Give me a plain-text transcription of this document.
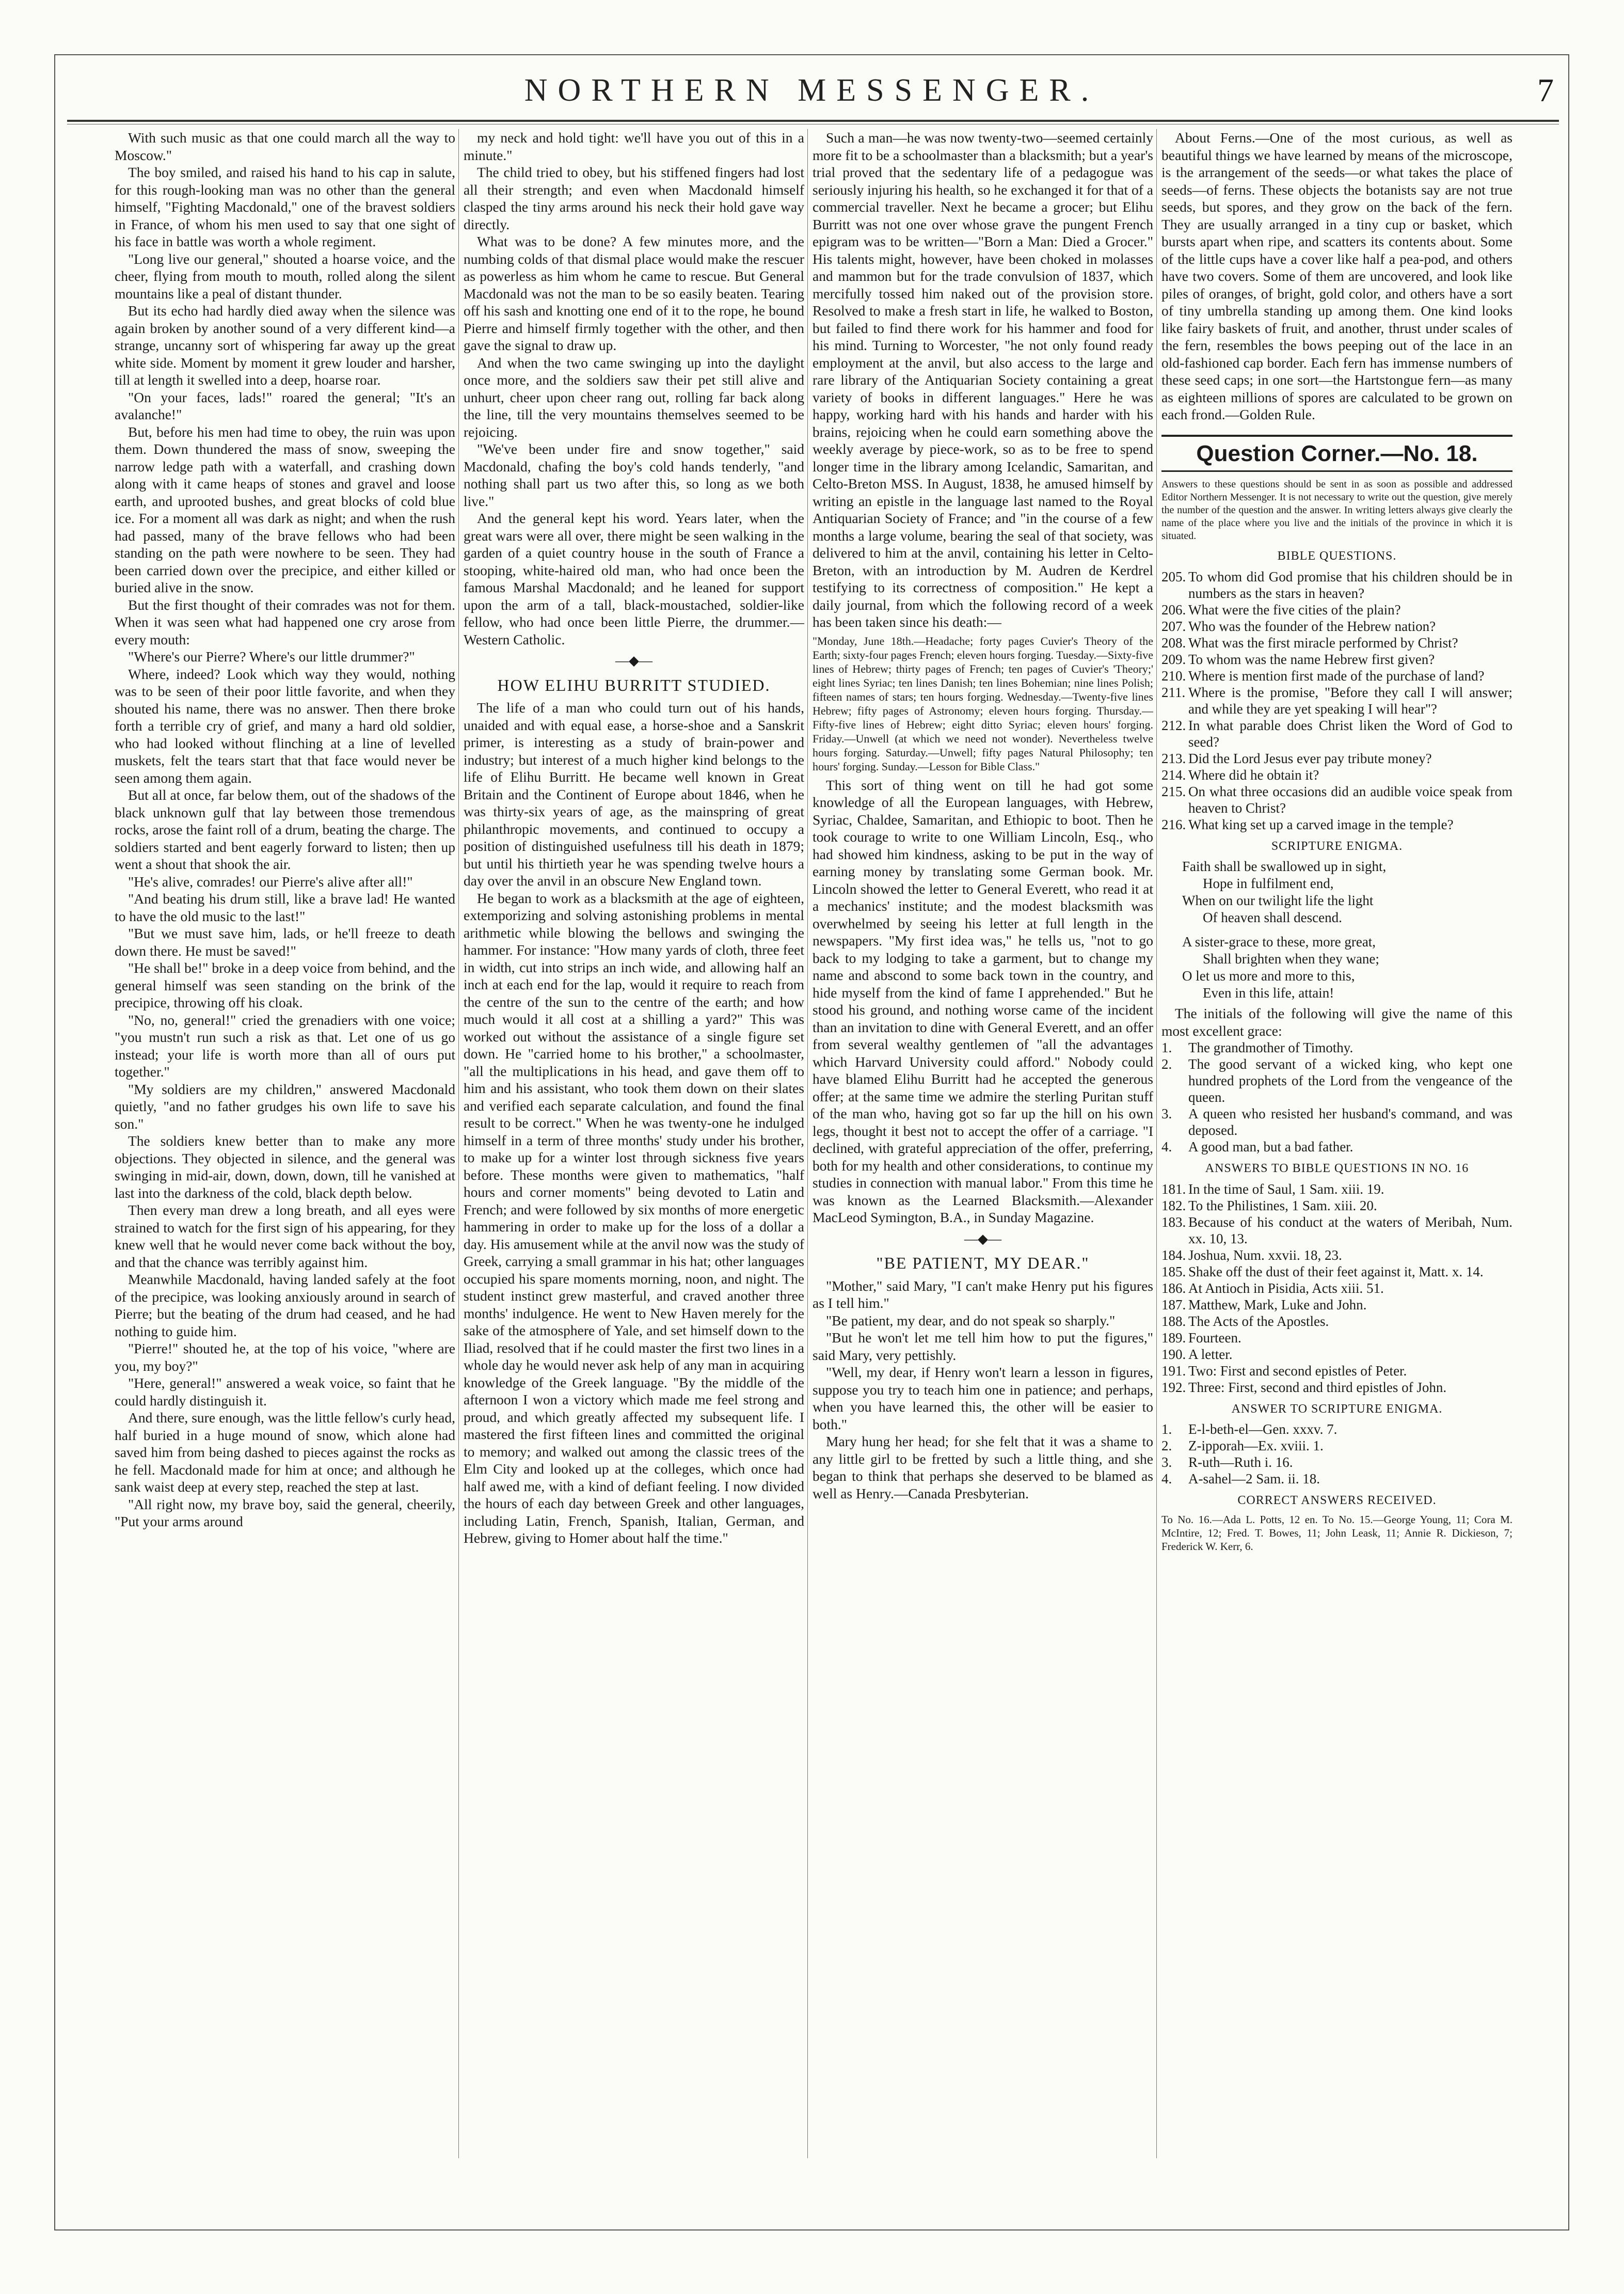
NORTHERN MESSENGER.	7

With such music as that one could march all the way to Moscow."

The boy smiled, and raised his hand to his cap in salute, for this rough-looking man was no other than the general himself, "Fighting Macdonald," one of the bravest soldiers in France, of whom his men used to say that one sight of his face in battle was worth a whole regiment.

"Long live our general," shouted a hoarse voice, and the cheer, flying from mouth to mouth, rolled along the silent mountains like a peal of distant thunder.

But its echo had hardly died away when the silence was again broken by another sound of a very different kind—a strange, uncanny sort of whispering far away up the great white side. Moment by moment it grew louder and harsher, till at length it swelled into a deep, hoarse roar.

"On your faces, lads!" roared the general; "It's an avalanche!"

But, before his men had time to obey, the ruin was upon them. Down thundered the mass of snow, sweeping the narrow ledge path with a waterfall, and crashing down along with it came heaps of stones and gravel and loose earth, and uprooted bushes, and great blocks of cold blue ice. For a moment all was dark as night; and when the rush had passed, many of the brave fellows who had been standing on the path were nowhere to be seen. They had been carried down over the precipice, and either killed or buried alive in the snow.

But the first thought of their comrades was not for them. When it was seen what had happened one cry arose from every mouth:

"Where's our Pierre? Where's our little drummer?"

Where, indeed? Look which way they would, nothing was to be seen of their poor little favorite, and when they shouted his name, there was no answer. Then there broke forth a terrible cry of grief, and many a hard old soldier, who had looked without flinching at a line of levelled muskets, felt the tears start that that face would never be seen among them again.

But all at once, far below them, out of the shadows of the black unknown gulf that lay between those tremendous rocks, arose the faint roll of a drum, beating the charge. The soldiers started and bent eagerly forward to listen; then up went a shout that shook the air.

"He's alive, comrades! our Pierre's alive after all!"

"And beating his drum still, like a brave lad! He wanted to have the old music to the last!"

"But we must save him, lads, or he'll freeze to death down there. He must be saved!"

"He shall be!" broke in a deep voice from behind, and the general himself was seen standing on the brink of the precipice, throwing off his cloak.

"No, no, general!" cried the grenadiers with one voice; "you mustn't run such a risk as that. Let one of us go instead; your life is worth more than all of ours put together."

"My soldiers are my children," answered Macdonald quietly, "and no father grudges his own life to save his son."

The soldiers knew better than to make any more objections. They objected in silence, and the general was swinging in mid-air, down, down, down, till he vanished at last into the darkness of the cold, black depth below.

Then every man drew a long breath, and all eyes were strained to watch for the first sign of his appearing, for they knew well that he would never come back without the boy, and that the chance was terribly against him.

Meanwhile Macdonald, having landed safely at the foot of the precipice, was looking anxiously around in search of Pierre; but the beating of the drum had ceased, and he had nothing to guide him.

"Pierre!" shouted he, at the top of his voice, "where are you, my boy?"

"Here, general!" answered a weak voice, so faint that he could hardly distinguish it.

And there, sure enough, was the little fellow's curly head, half buried in a huge mound of snow, which alone had saved him from being dashed to pieces against the rocks as he fell. Macdonald made for him at once; and although he sank waist deep at every step, reached the step at last.

"All right now, my brave boy, said the general, cheerily, "Put your arms around

my neck and hold tight: we'll have you out of this in a minute."

The child tried to obey, but his stiffened fingers had lost all their strength; and even when Macdonald himself clasped the tiny arms around his neck their hold gave way directly.

What was to be done? A few minutes more, and the numbing colds of that dismal place would make the rescuer as powerless as him whom he came to rescue. But General Macdonald was not the man to be so easily beaten. Tearing off his sash and knotting one end of it to the rope, he bound Pierre and himself firmly together with the other, and then gave the signal to draw up.

And when the two came swinging up into the daylight once more, and the soldiers saw their pet still alive and unhurt, cheer upon cheer rang out, rolling far back along the line, till the very mountains themselves seemed to be rejoicing.

"We've been under fire and snow together," said Macdonald, chafing the boy's cold hands tenderly, "and nothing shall part us two after this, so long as we both live."

And the general kept his word. Years later, when the great wars were all over, there might be seen walking in the garden of a quiet country house in the south of France a stooping, white-haired old man, who had once been the famous Marshal Macdonald; and he leaned for support upon the arm of a tall, black-moustached, soldier-like fellow, who had once been little Pierre, the drummer.—Western Catholic.

—◆—
HOW ELIHU BURRITT STUDIED.

The life of a man who could turn out of his hands, unaided and with equal ease, a horse-shoe and a Sanskrit primer, is interesting as a study of brain-power and industry; but interest of a much higher kind belongs to the life of Elihu Burritt. He became well known in Great Britain and the Continent of Europe about 1846, when he was thirty-six years of age, as the mainspring of great philanthropic movements, and continued to occupy a position of distinguished usefulness till his death in 1879; but until his thirtieth year he was spending twelve hours a day over the anvil in an obscure New England town.

He began to work as a blacksmith at the age of eighteen, extemporizing and solving astonishing problems in mental arithmetic while blowing the bellows and swinging the hammer. For instance: "How many yards of cloth, three feet in width, cut into strips an inch wide, and allowing half an inch at each end for the lap, would it require to reach from the centre of the sun to the centre of the earth; and how much would it all cost at a shilling a yard?" This was worked out without the assistance of a single figure set down. He "carried home to his brother," a schoolmaster, "all the multiplications in his head, and gave them off to him and his assistant, who took them down on their slates and verified each separate calculation, and found the final result to be correct." When he was twenty-one he indulged himself in a term of three months' study under his brother, to make up for a winter lost through sickness five years before. These months were given to mathematics, "half hours and corner moments" being devoted to Latin and French; and were followed by six months of more energetic hammering in order to make up for the loss of a dollar a day. His amusement while at the anvil now was the study of Greek, carrying a small grammar in his hat; other languages occupied his spare moments morning, noon, and night. The student instinct grew masterful, and craved another three months' indulgence. He went to New Haven merely for the sake of the atmosphere of Yale, and set himself down to the Iliad, resolved that if he could master the first two lines in a whole day he would never ask help of any man in acquiring knowledge of the Greek language. "By the middle of the afternoon I won a victory which made me feel strong and proud, and which greatly affected my subsequent life. I mastered the first fifteen lines and committed the original to memory; and walked out among the classic trees of the Elm City and looked up at the colleges, which once had half awed me, with a kind of defiant feeling. I now divided the hours of each day between Greek and other languages, including Latin, French, Spanish, Italian, German, and Hebrew, giving to Homer about half the time."

Such a man—he was now twenty-two—seemed certainly more fit to be a schoolmaster than a blacksmith; but a year's trial proved that the sedentary life of a pedagogue was seriously injuring his health, so he exchanged it for that of a commercial traveller. Next he became a grocer; but Elihu Burritt was not one over whose grave the pungent French epigram was to be written—"Born a Man: Died a Grocer." His talents might, however, have been choked in molasses and mammon but for the trade convulsion of 1837, which mercifully tossed him naked out of the provision store. Resolved to make a fresh start in life, he walked to Boston, but failed to find there work for his hammer and food for his mind. Turning to Worcester, "he not only found ready employment at the anvil, but also access to the large and rare library of the Antiquarian Society containing a great variety of books in different languages." Here he was happy, working hard with his hands and harder with his brains, rejoicing when he could earn something above the weekly average by piece-work, so as to be free to spend longer time in the library among Icelandic, Samaritan, and Celto-Breton MSS. In August, 1838, he amused himself by writing an epistle in the language last named to the Royal Antiquarian Society of France; and "in the course of a few months a large volume, bearing the seal of that society, was delivered to him at the anvil, containing his letter in Celto-Breton, with an introduction by M. Audren de Kerdrel testifying to its correctness of composition." He kept a daily journal, from which the following record of a week has been taken since his death:—

"Monday, June 18th.—Headache; forty pages Cuvier's Theory of the Earth; sixty-four pages French; eleven hours forging. Tuesday.—Sixty-five lines of Hebrew; thirty pages of French; ten pages of Cuvier's 'Theory;' eight lines Syriac; ten lines Danish; ten lines Bohemian; nine lines Polish; fifteen names of stars; ten hours forging. Wednesday.—Twenty-five lines Hebrew; fifty pages of Astronomy; eleven hours forging. Thursday.—Fifty-five lines of Hebrew; eight ditto Syriac; eleven hours' forging. Friday.—Unwell (at which we need not wonder). Nevertheless twelve hours forging. Saturday.—Unwell; fifty pages Natural Philosophy; ten hours' forging. Sunday.—Lesson for Bible Class."

This sort of thing went on till he had got some knowledge of all the European languages, with Hebrew, Syriac, Chaldee, Samaritan, and Ethiopic to boot. Then he took courage to write to one William Lincoln, Esq., who had showed him kindness, asking to be put in the way of earning money by translating some German book. Mr. Lincoln showed the letter to General Everett, who read it at a mechanics' institute; and the modest blacksmith was overwhelmed by seeing his letter at full length in the newspapers. "My first idea was," he tells us, "not to go back to my lodging to take a garment, but to change my name and abscond to some back town in the country, and hide myself from the kind of fame I apprehended." But he stood his ground, and nothing worse came of the incident than an invitation to dine with General Everett, and an offer from several wealthy gentlemen of "all the advantages which Harvard University could afford." Nobody could have blamed Elihu Burritt had he accepted the generous offer; at the same time we admire the sterling Puritan stuff of the man who, having got so far up the hill on his own legs, thought it best not to accept the offer of a carriage. "I declined, with grateful appreciation of the offer, preferring, both for my health and other considerations, to continue my studies in connection with manual labor." From this time he was known as the Learned Blacksmith.—Alexander MacLeod Symington, B.A., in Sunday Magazine.

—◆—
"BE PATIENT, MY DEAR."

"Mother," said Mary, "I can't make Henry put his figures as I tell him."

"Be patient, my dear, and do not speak so sharply."

"But he won't let me tell him how to put the figures," said Mary, very pettishly.

"Well, my dear, if Henry won't learn a lesson in figures, suppose you try to teach him one in patience; and perhaps, when you have learned this, the other will be easier to both."

Mary hung her head; for she felt that it was a shame to any little girl to be fretted by such a little thing, and she began to think that perhaps she deserved to be blamed as well as Henry.—Canada Presbyterian.

About Ferns.—One of the most curious, as well as beautiful things we have learned by means of the microscope, is the arrangement of the seeds—or what takes the place of seeds—of ferns. These objects the botanists say are not true seeds, but spores, and they grow on the back of the fern. They are usually arranged in a tiny cup or basket, which bursts apart when ripe, and scatters its contents about. Some of the little cups have a cover like half a pea-pod, and others have two covers. Some of them are uncovered, and look like piles of oranges, of bright, gold color, and others have a sort of tiny umbrella standing up among them. One kind looks like fairy baskets of fruit, and another, thrust under scales of the fern, resembles the bows peeping out of the lace in an old-fashioned cap border. Each fern has immense numbers of these seed caps; in one sort—the Hartstongue fern—as many as eighteen millions of spores are calculated to be grown on each frond.—Golden Rule.

Question Corner.—No. 18.
Answers to these questions should be sent in as soon as possible and addressed Editor Northern Messenger. It is not necessary to write out the question, give merely the number of the question and the answer. In writing letters always give clearly the name of the place where you live and the initials of the province in which it is situated.
BIBLE QUESTIONS.
205. To whom did God promise that his children should be in numbers as the stars in heaven?
206. What were the five cities of the plain?
207. Who was the founder of the Hebrew nation?
208. What was the first miracle performed by Christ?
209. To whom was the name Hebrew first given?
210. Where is mention first made of the purchase of land?
211. Where is the promise, "Before they call I will answer; and while they are yet speaking I will hear"?
212. In what parable does Christ liken the Word of God to seed?
213. Did the Lord Jesus ever pay tribute money?
214. Where did he obtain it?
215. On what three occasions did an audible voice speak from heaven to Christ?
216. What king set up a carved image in the temple?
SCRIPTURE ENIGMA.
Faith shall be swallowed up in sight,
Hope in fulfilment end,
When on our twilight life the light
Of heaven shall descend.
A sister-grace to these, more great,
Shall brighten when they wane;
O let us more and more to this,
Even in this life, attain!

The initials of the following will give the name of this most excellent grace:

1.	The grandmother of Timothy.
2.	The good servant of a wicked king, who kept one hundred prophets of the Lord from the vengeance of the queen.
3.	A queen who resisted her husband's command, and was deposed.
4.	A good man, but a bad father.
ANSWERS TO BIBLE QUESTIONS IN NO. 16
181. In the time of Saul, 1 Sam. xiii. 19.
182. To the Philistines, 1 Sam. xiii. 20.
183. Because of his conduct at the waters of Meribah, Num. xx. 10, 13.
184. Joshua, Num. xxvii. 18, 23.
185. Shake off the dust of their feet against it, Matt. x. 14.
186. At Antioch in Pisidia, Acts xiii. 51.
187. Matthew, Mark, Luke and John.
188. The Acts of the Apostles.
189. Fourteen.
190. A letter.
191. Two: First and second epistles of Peter.
192. Three: First, second and third epistles of John.
ANSWER TO SCRIPTURE ENIGMA.
1.	E-l-beth-el—Gen. xxxv. 7.
2.	Z-ipporah—Ex. xviii. 1.
3.	R-uth—Ruth i. 16.
4.	A-sahel—2 Sam. ii. 18.
CORRECT ANSWERS RECEIVED.
To No. 16.—Ada L. Potts, 12 en. To No. 15.—George Young, 11; Cora M. McIntire, 12; Fred. T. Bowes, 11; John Leask, 11; Annie R. Dickieson, 7; Frederick W. Kerr, 6.
